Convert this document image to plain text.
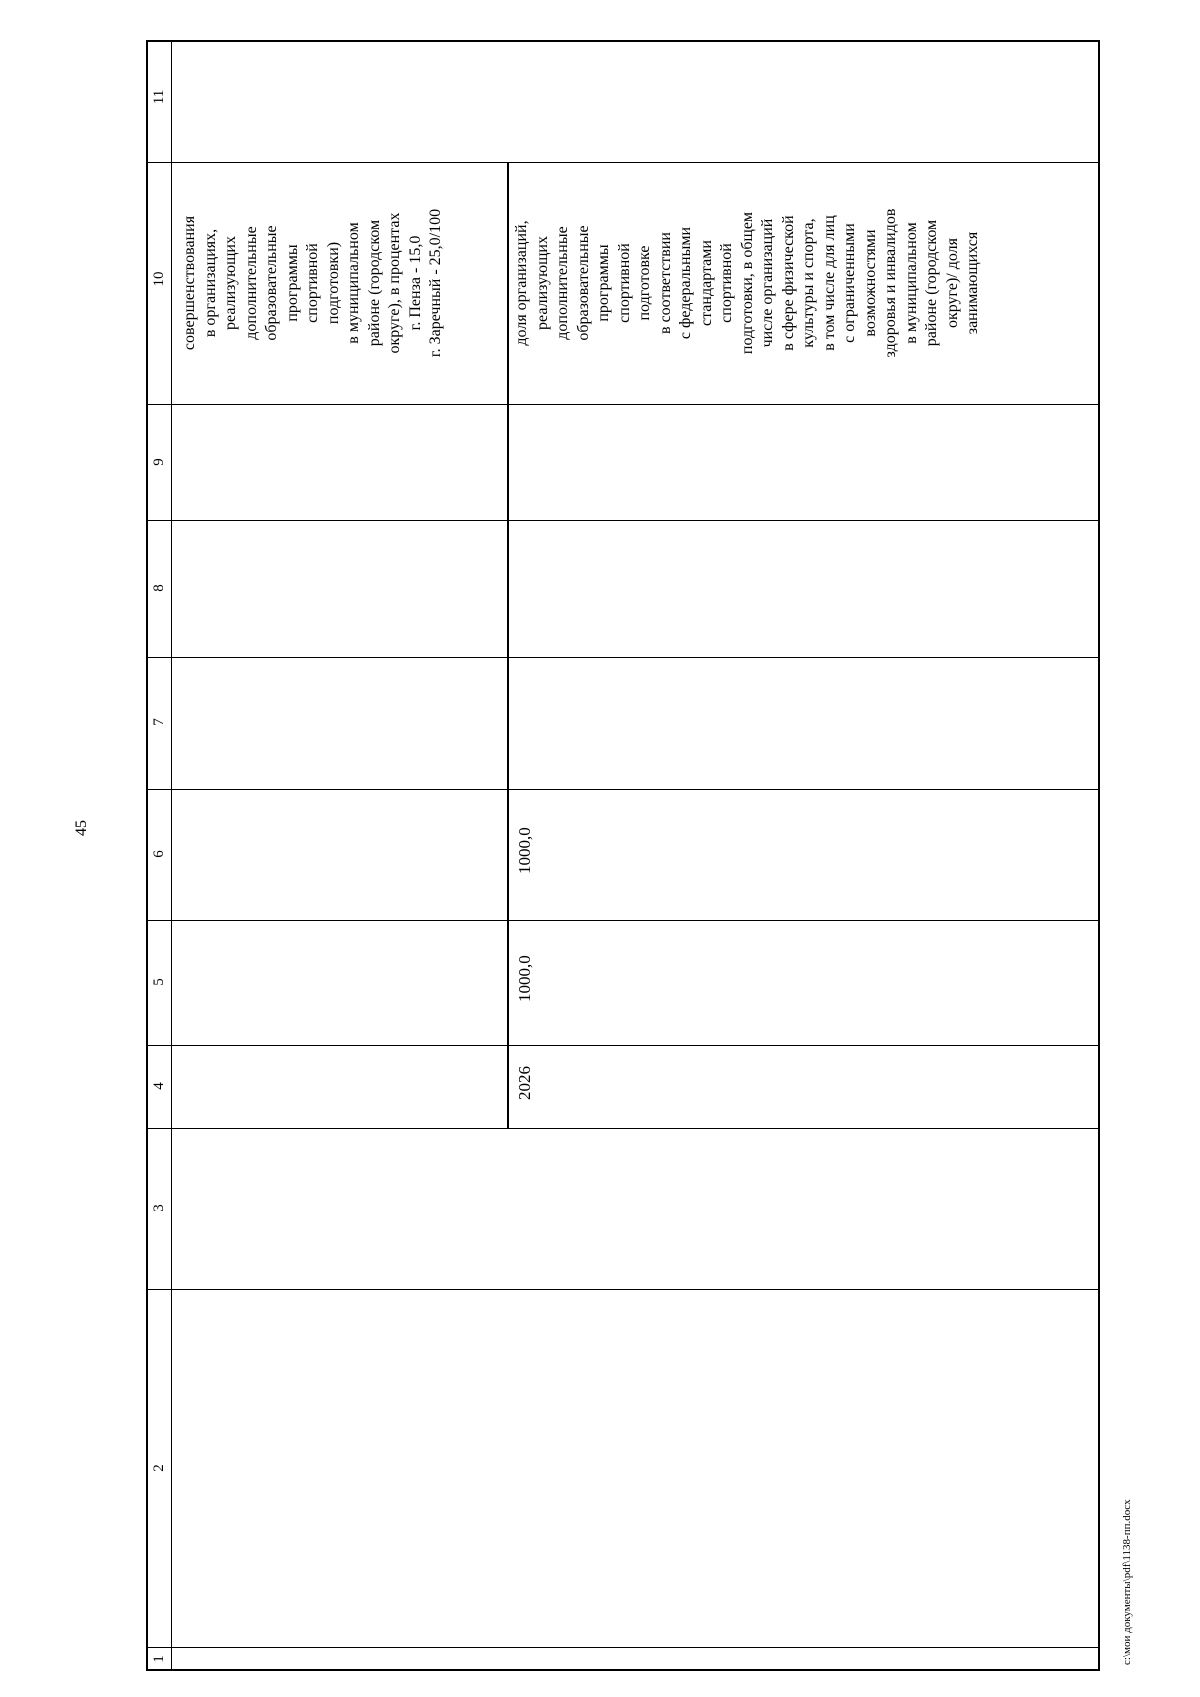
45
1
2
3
4
5
6
7
8
9
10
11
совершенствования
в организациях,
реализующих
дополнительные
образовательные
программы
спортивной
подготовки)
в муниципальном
районе (городском
округе), в процентах
г. Пенза - 15,0
г. Заречный - 25,0/100
2026
1000,0
1000,0
доля организаций,
реализующих
дополнительные
образовательные
программы
спортивной
подготовке
в соответствии
с федеральными
стандартами
спортивной
подготовки, в общем
числе организаций
в сфере физической
культуры и спорта,
в том числе для лиц
с ограниченными
возможностями
здоровья и инвалидов
в муниципальном
районе (городском
округе)/ доля
занимающихся
c:\мои документы\pdf\1138-пп.docx
